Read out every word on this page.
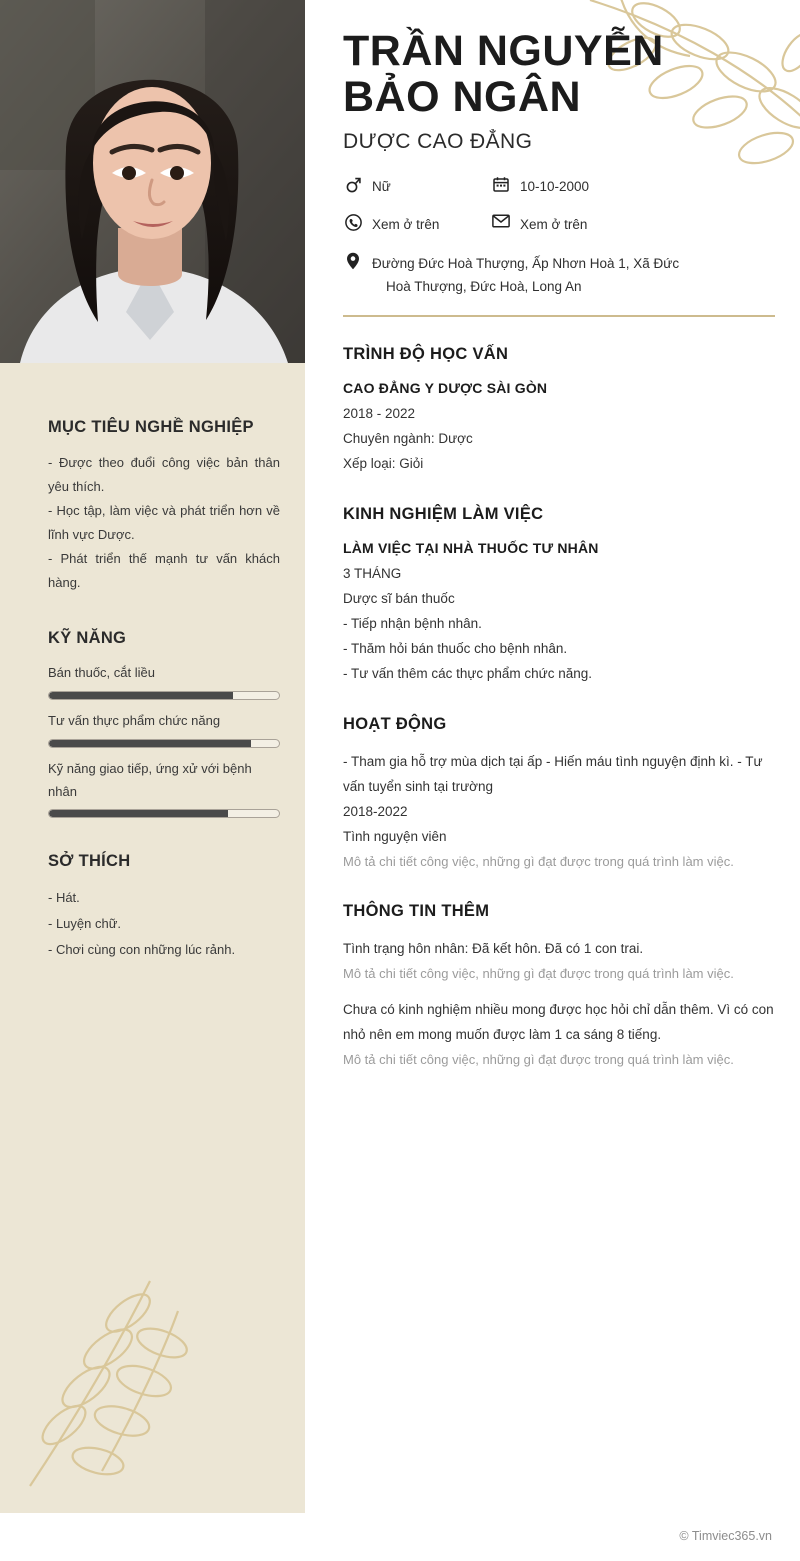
MỤC TIÊU NGHỀ NGHIỆP
- Được theo đuổi công việc bản thân yêu thích.
- Học tập, làm việc và phát triển hơn về lĩnh vực Dược.
- Phát triển thế mạnh tư vấn khách hàng.
KỸ NĂNG
Bán thuốc, cắt liều
Tư vấn thực phẩm chức năng
Kỹ năng giao tiếp, ứng xử với bệnh nhân
SỞ THÍCH
- Hát.
- Luyện chữ.
- Chơi cùng con những lúc rảnh.
TRẦN NGUYỄN
BẢO NGÂN
DƯỢC CAO ĐẲNG
Nữ	10-10-2000
Xem ở trên	Xem ở trên
Đường Đức Hoà Thượng, Ấp Nhơn Hoà 1, Xã Đức
Hoà Thượng, Đức Hoà, Long An
TRÌNH ĐỘ HỌC VẤN
CAO ĐẲNG Y DƯỢC SÀI GÒN
2018 - 2022
Chuyên ngành: Dược
Xếp loại: Giỏi
KINH NGHIỆM LÀM VIỆC
LÀM VIỆC TẠI NHÀ THUỐC TƯ NHÂN
3 THÁNG
Dược sĩ bán thuốc
- Tiếp nhận bệnh nhân.
- Thăm hỏi bán thuốc cho bệnh nhân.
- Tư vấn thêm các thực phẩm chức năng.
HOẠT ĐỘNG
- Tham gia hỗ trợ mùa dịch tại ấp - Hiến máu tình nguyện định kì. - Tư vấn tuyển sinh tại trường
2018-2022
Tình nguyện viên
Mô tả chi tiết công việc, những gì đạt được trong quá trình làm việc.
THÔNG TIN THÊM
Tình trạng hôn nhân: Đã kết hôn. Đã có 1 con trai.
Mô tả chi tiết công việc, những gì đạt được trong quá trình làm việc.
Chưa có kinh nghiệm nhiều mong được học hỏi chỉ dẫn thêm. Vì có con nhỏ nên em mong muốn được làm 1 ca sáng 8 tiếng.
Mô tả chi tiết công việc, những gì đạt được trong quá trình làm việc.
© Timviec365.vn
